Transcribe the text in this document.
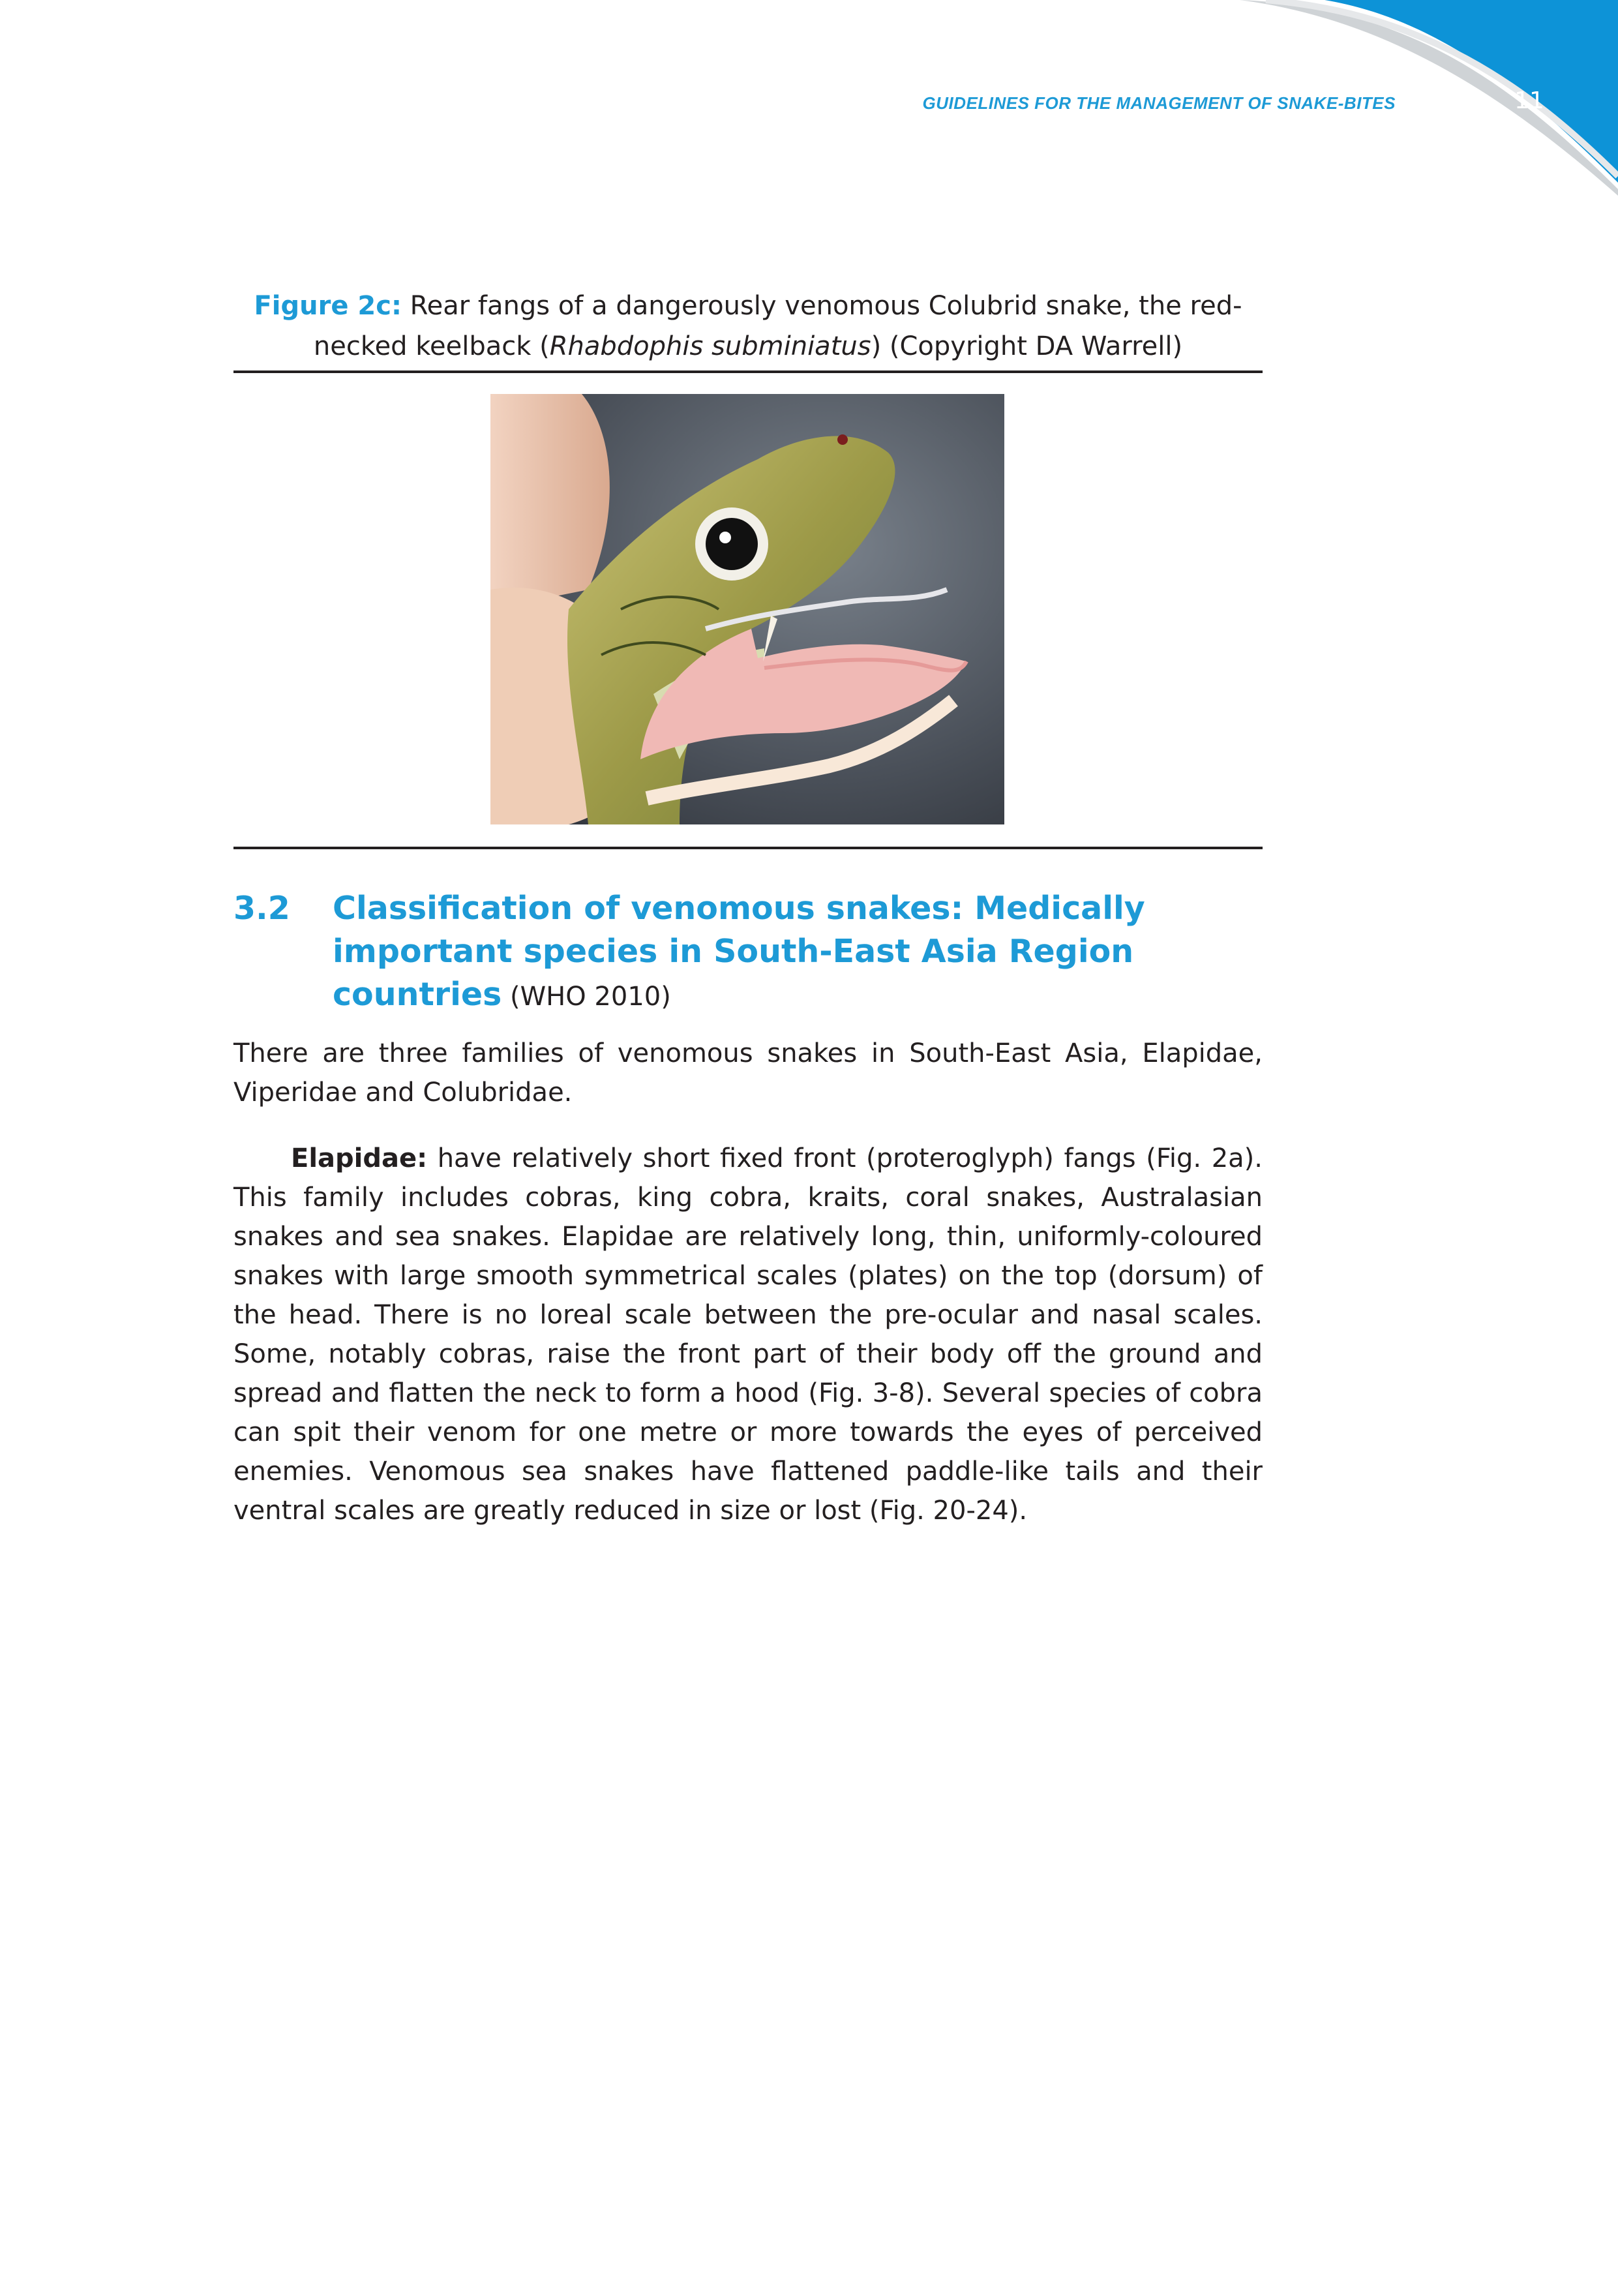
GUIDELINES FOR THE MANAGEMENT OF SNAKE-BITES	11
Figure 2c: Rear fangs of a dangerously venomous Colubrid snake, the red-necked keelback (Rhabdophis subminiatus) (Copyright DA Warrell)
3.2 Classification of venomous snakes: Medically important species in South-East Asia Region countries (WHO 2010)

There are three families of venomous snakes in South-East Asia, Elapidae, Viperidae and Colubridae.

Elapidae: have relatively short fixed front (proteroglyph) fangs (Fig. 2a). This family includes cobras, king cobra, kraits, coral snakes, Australasian snakes and sea snakes. Elapidae are relatively long, thin, uniformly-coloured snakes with large smooth symmetrical scales (plates) on the top (dorsum) of the head. There is no loreal scale between the pre-ocular and nasal scales. Some, notably cobras, raise the front part of their body off the ground and spread and flatten the neck to form a hood (Fig. 3-8). Several species of cobra can spit their venom for one metre or more towards the eyes of perceived enemies. Venomous sea snakes have flattened paddle-like tails and their ventral scales are greatly reduced in size or lost (Fig. 20-24).
